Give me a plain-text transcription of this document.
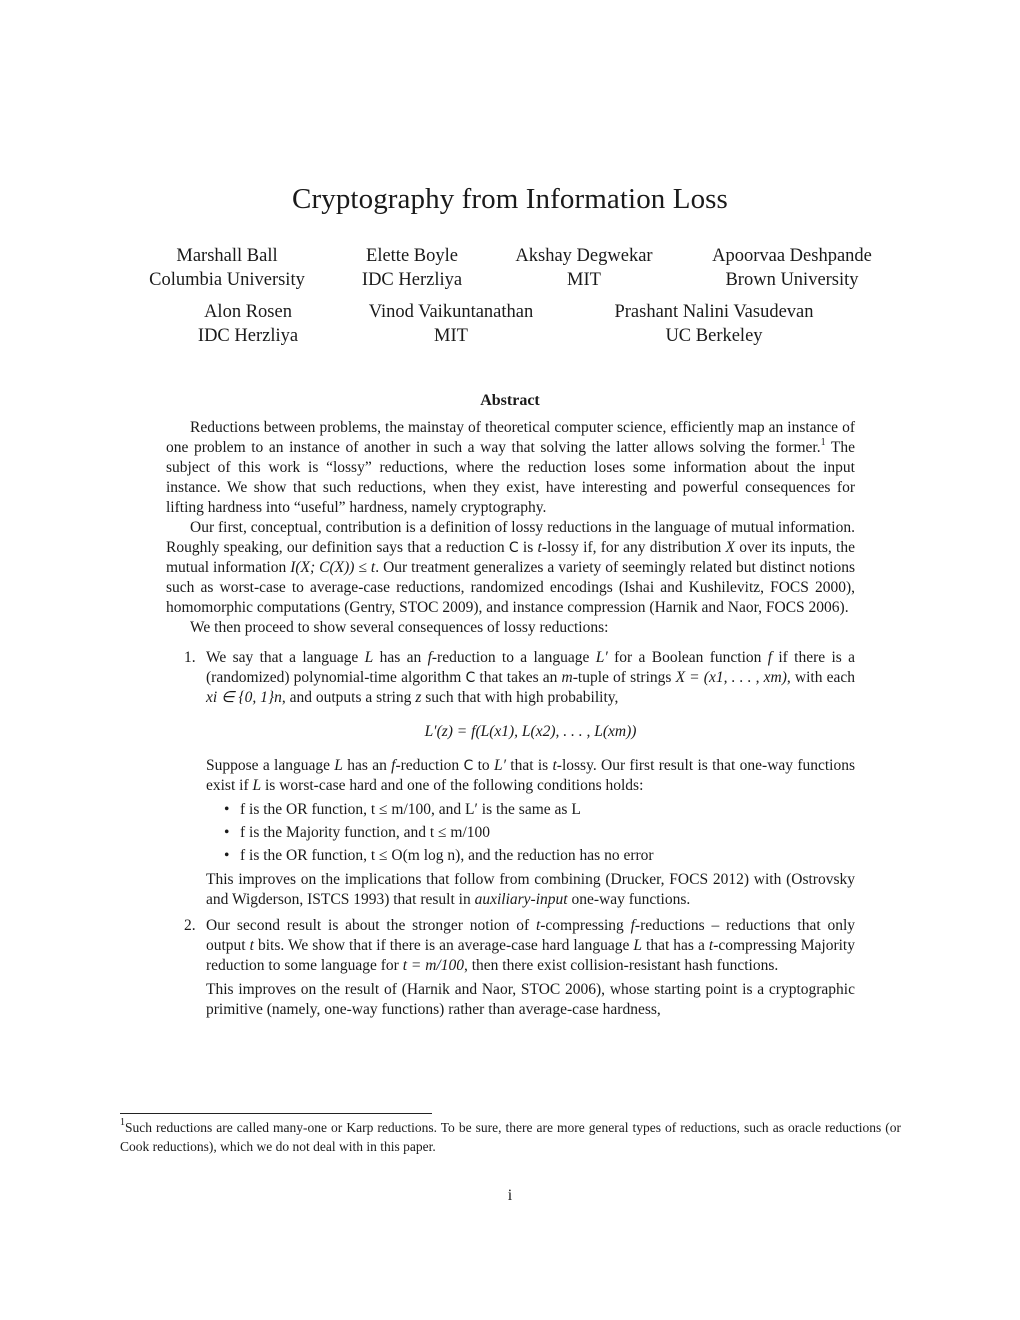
Cryptography from Information Loss
Marshall Ball
Columbia University
Elette Boyle
IDC Herzliya
Akshay Degwekar
MIT
Apoorvaa Deshpande
Brown University
Alon Rosen
IDC Herzliya
Vinod Vaikuntanathan
MIT
Prashant Nalini Vasudevan
UC Berkeley
Abstract

Reductions between problems, the mainstay of theoretical computer science, efficiently map an instance of one problem to an instance of another in such a way that solving the latter allows solving the former.$^1$ The subject of this work is “lossy” reductions, where the reduction loses some information about the input instance. We show that such reductions, when they exist, have interesting and powerful consequences for lifting hardness into “useful” hardness, namely cryptography.

Our first, conceptual, contribution is a definition of lossy reductions in the language of mutual information. Roughly speaking, our definition says that a reduction C is t-lossy if, for any distribution X over its inputs, the mutual information I(X; C(X)) ≤ t. Our treatment generalizes a variety of seemingly related but distinct notions such as worst-case to average-case reductions, randomized encodings (Ishai and Kushilevitz, FOCS 2000), homomorphic computations (Gentry, STOC 2009), and instance compression (Harnik and Naor, FOCS 2006).

We then proceed to show several consequences of lossy reductions:

1. We say that a language L has an f-reduction to a language L′ for a Boolean function f if there is a (randomized) polynomial-time algorithm C that takes an m-tuple of strings X = (x1, . . . , xm), with each xi ∈ {0, 1}n, and outputs a string z such that with high probability,

L′(z) = f(L(x1), L(x2), . . . , L(xm))

Suppose a language L has an f-reduction C to L′ that is t-lossy. Our first result is that one-way functions exist if L is worst-case hard and one of the following conditions holds:

• f is the OR function, t ≤ m/100, and L′ is the same as L
• f is the Majority function, and t ≤ m/100
• f is the OR function, t ≤ O(m log n), and the reduction has no error

This improves on the implications that follow from combining (Drucker, FOCS 2012) with (Ostrovsky and Wigderson, ISTCS 1993) that result in auxiliary-input one-way functions.

2. Our second result is about the stronger notion of t-compressing f-reductions – reductions that only output t bits. We show that if there is an average-case hard language L that has a t-compressing Majority reduction to some language for t = m/100, then there exist collision-resistant hash functions.

This improves on the result of (Harnik and Naor, STOC 2006), whose starting point is a cryptographic primitive (namely, one-way functions) rather than average-case hardness,

$^1$Such reductions are called many-one or Karp reductions. To be sure, there are more general types of reductions, such as oracle reductions (or Cook reductions), which we do not deal with in this paper.
i
